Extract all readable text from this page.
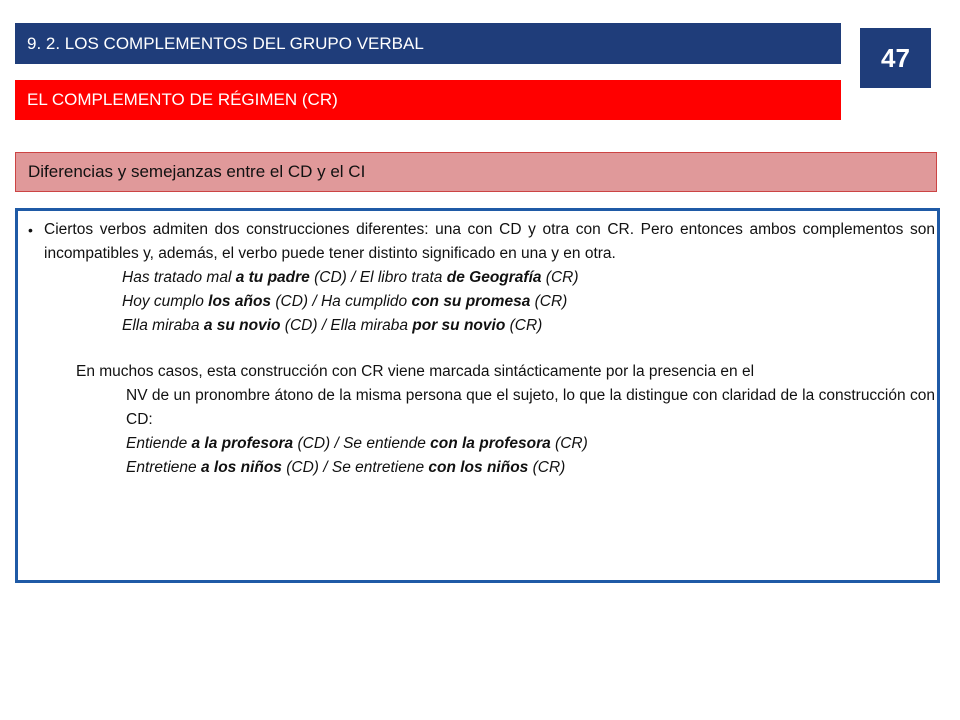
9. 2. LOS COMPLEMENTOS DEL GRUPO VERBAL	47
EL COMPLEMENTO DE RÉGIMEN (CR)
Diferencias y semejanzas entre el CD y el CI
• Ciertos verbos admiten dos construcciones diferentes: una con CD y otra con CR. Pero entonces ambos complementos son incompatibles y, además, el verbo puede tener distinto significado en una y en otra.
Has tratado mal a tu padre (CD) / El libro trata de Geografía (CR)
Hoy cumplo los años (CD) / Ha cumplido con su promesa (CR)
Ella miraba a su novio (CD) / Ella miraba por su novio (CR)
En muchos casos, esta construcción con CR viene marcada sintácticamente por la presencia en el
NV de un pronombre átono de la misma persona que el sujeto, lo que la distingue con claridad de la construcción con CD:
Entiende a la profesora (CD) / Se entiende con la profesora (CR)
Entretiene a los niños (CD) / Se entretiene con los niños (CR)
